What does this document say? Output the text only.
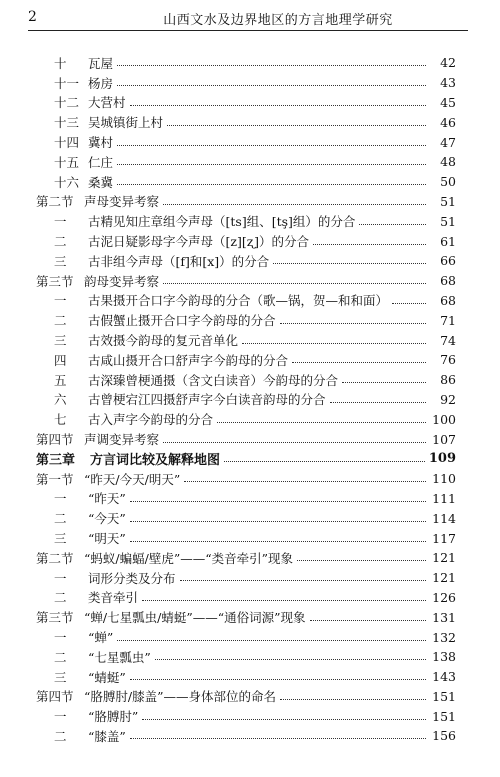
2	山西文水及边界地区的方言地理学研究
十	瓦屋	42
十一 杨房	43
十二 大营村	45
十三 吴城镇街上村	46
十四 冀村	47
十五 仁庄	48
十六 桑冀	50
第二节 声母变异考察	51
一	古精见知庄章组今声母（[ts]组、[tş]组）的分合	51
二	古泥日疑影母字今声母（[z][ʐ]）的分合	61
三	古非组今声母（[f]和[x]）的分合	66
第三节 韵母变异考察	68
一	古果摄开合口字今韵母的分合（歌—锅，贺—和和面）	68
二	古假蟹止摄开合口字今韵母的分合	71
三	古效摄今韵母的复元音单化	74
四	古咸山摄开合口舒声字今韵母的分合	76
五	古深臻曾梗通摄（含文白读音）今韵母的分合	86
六	古曾梗宕江四摄舒声字今白读音韵母的分合	92
七	古入声字今韵母的分合	100
第四节 声调变异考察	107
第三章	方言词比较及解释地图	109
第一节 “昨天/今天/明天”	110
一	“昨天”	111
二	“今天”	114
三	“明天”	117
第二节 “蚂蚁/蝙蝠/壁虎”——“类音牵引”现象	121
一	词形分类及分布	121
二	类音牵引	126
第三节 “蝉/七星瓢虫/蜻蜓”——“通俗词源”现象	131
一	“蝉”	132
二	“七星瓢虫”	138
三	“蜻蜓”	143
第四节 “胳膊肘/膝盖”——身体部位的命名	151
一	“胳膊肘”	151
二	“膝盖”	156
